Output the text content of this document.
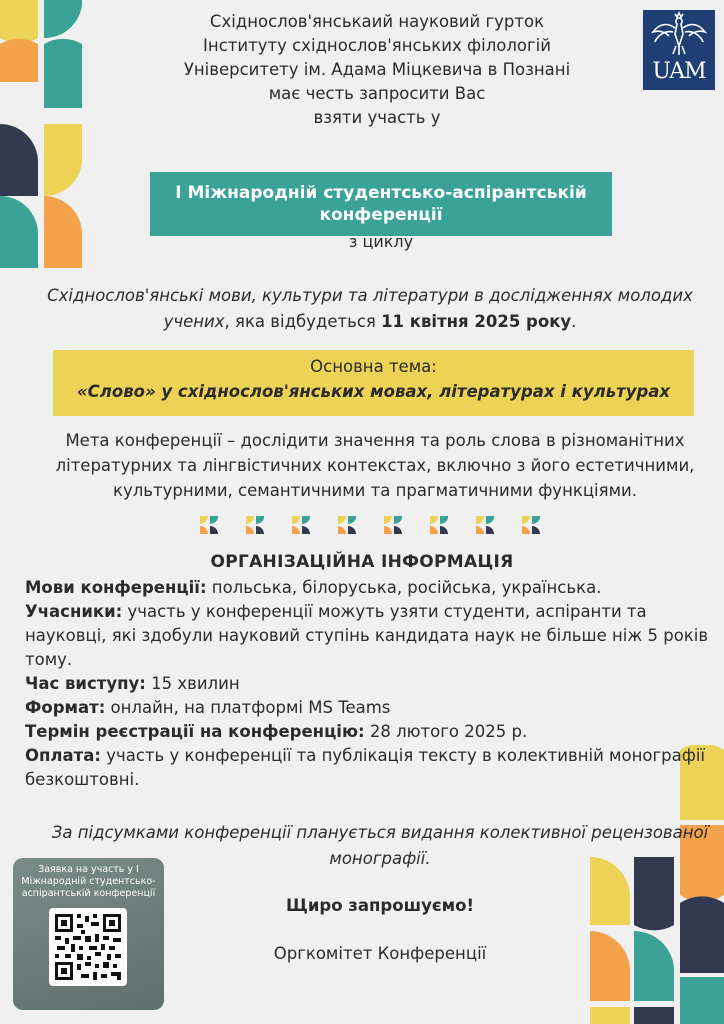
Східнослов'янськаий науковий гурток
Інституту східнослов'янських філологій
Університету ім. Адама Міцкевича в Познані
має честь запросити Вас
взяти участь у
UAM
I Міжнародній студентсько-аспірантській
конференції
з циклу
Східнослов'янські мови, культури та літератури в дослідженнях молодих учених, яка відбудеться 11 квітня 2025 року.
Основна тема:
«Слово» у східнослов'янських мовах, літературах і культурах
Мета конференції – дослідити значення та роль слова в різноманітних літературних та лінгвістичних контекстах, включно з його естетичними, культурними, семантичними та прагматичними функціями.
ОРГАНІЗАЦІЙНА ІНФОРМАЦІЯ

Мови конференції: польська, білоруська, російська, українська.

Учасники: участь у конференції можуть узяти студенти, аспіранти та науковці, які здобули науковий ступінь кандидата наук не більше ніж 5 років тому.

Час виступу: 15 хвилин

Формат: онлайн, на платформі MS Teams

Термін реєстрації на конференцію: 28 лютого 2025 р.

Оплата: участь у конференції та публікація тексту в колективній монографії безкоштовні.

За підсумками конференції планується видання колективної рецензованої монографії.
Щиро запрошуємо!
Оргкомітет Конференції
Заявка на участь у I Міжнародній студентсько-аспірантській конференції
